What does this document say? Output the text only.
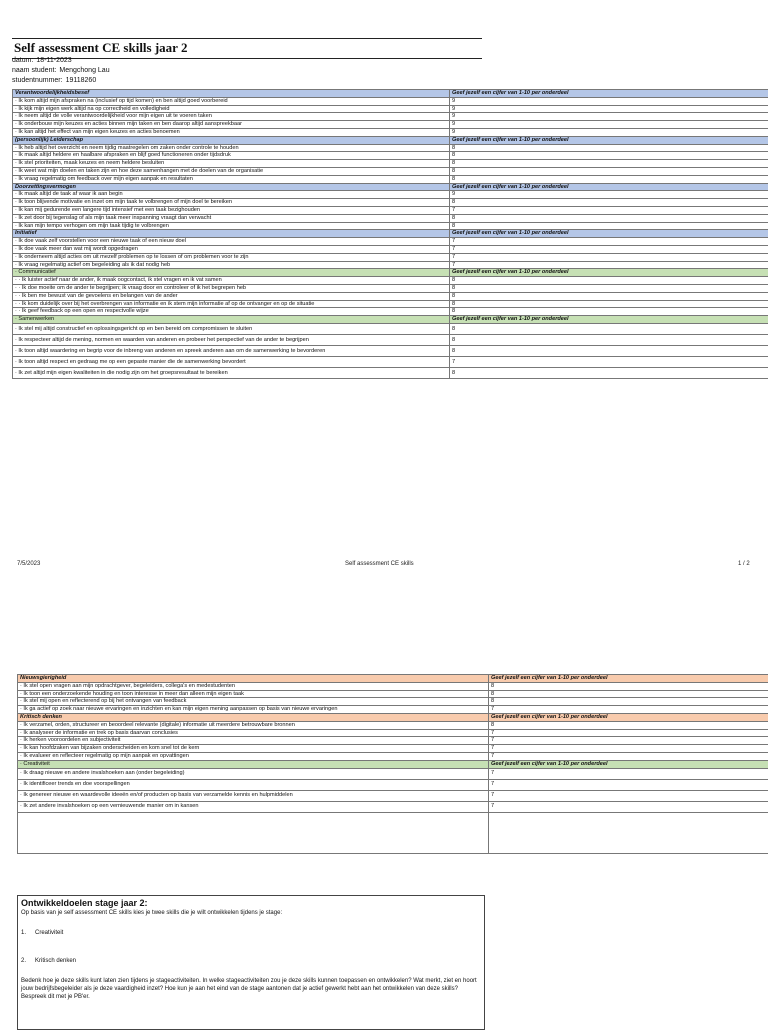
Self assessment CE skills jaar 2
datum: 18-11-2023
naam student: Mengchong Lau
studentnummer: 19118260
Verantwoordelijkheidsbesef	Geef jezelf een cijfer van 1-10 per onderdeel
· Ik kom altijd mijn afspraken na (inclusief op tijd komen) en ben altijd goed voorbereid	9
· Ik kijk mijn eigen werk altijd na op correctheid en volledigheid	9
· Ik neem altijd de volle verantwoordelijkheid voor mijn eigen uit te voeren taken	9
· Ik onderbouw mijn keuzes en acties binnen mijn taken en ben daarop altijd aanspreekbaar	9
· Ik kan altijd het effect van mijn eigen keuzes en acties benoemen	9
(persoonlijk) Leiderschap	Geef jezelf een cijfer van 1-10 per onderdeel
· Ik heb altijd het overzicht en neem tijdig maatregelen om zaken onder controle te houden	8
· Ik maak altijd heldere en haalbare afspraken en blijf goed functioneren onder tijdsdruk	8
· Ik stel prioriteiten, maak keuzes en neem heldere besluiten	8
· Ik weet wat mijn doelen en taken zijn en hoe deze samenhangen met de doelen van de organisatie	8
· Ik vraag regelmatig om feedback over mijn eigen aanpak en resultaten	8
Doorzettingsvermogen	Geef jezelf een cijfer van 1-10 per onderdeel
· Ik maak altijd de taak af waar ik aan begin	9
· Ik toon blijvende motivatie en inzet om mijn taak te volbrengen of mijn doel te bereiken	8
· Ik kan mij gedurende een langere tijd intensief met een taak bezighouden	7
· Ik zet door bij tegenslag of als mijn taak meer inspanning vraagt dan verwacht	8
· Ik kan mijn tempo verhogen om mijn taak tijdig te volbrengen	8
Initiatief	Geef jezelf een cijfer van 1-10 per onderdeel
· Ik doe vaak zelf voorstellen voor een nieuwe taak of een nieuw doel	7
· Ik doe vaak meer dan wat mij wordt opgedragen	7
· Ik onderneem altijd acties om uit mezelf problemen op te lossen of om problemen voor te zijn	7
· Ik vraag regelmatig actief om begeleiding als ik dat nodig heb	7
· Communicatief	Geef jezelf een cijfer van 1-10 per onderdeel
· · Ik luister actief naar de ander, ik maak oogcontact, ik stel vragen en ik vat samen	8
· · Ik doe moeite om de ander te begrijpen; ik vraag door en controleer of ik het begrepen heb	8
· · Ik ben me bewust van de gevoelens en belangen van de ander	8
· · Ik kom duidelijk over bij het overbrengen van informatie en ik stem mijn informatie af op de ontvanger en op de situatie	8
· · Ik geef feedback op een open en respectvolle wijze	8
· Samenwerken	Geef jezelf een cijfer van 1-10 per onderdeel
· Ik stel mij altijd constructief en oplossingsgericht op en ben bereid om compromissen te sluiten	8
· Ik respecteer altijd de mening, normen en waarden van anderen en probeer het perspectief van de ander te begrijpen	8
· Ik toon altijd waardering en begrip voor de inbreng van anderen en spreek anderen aan om de samenwerking te bevorderen	8
· Ik toon altijd respect en gedraag me op een gepaste manier die de samenwerking bevordert	7
· Ik zet altijd mijn eigen kwaliteiten in die nodig zijn om het groepsresultaat te bereiken	8
7/5/2023	Self assessment CE skills	1 / 2
Nieuwsgierigheid	Geef jezelf een cijfer van 1-10 per onderdeel
· Ik stel open vragen aan mijn opdrachtgever, begeleiders, collega's en medestudenten	8
· Ik toon een onderzoekende houding en toon interesse in meer dan alleen mijn eigen taak	8
· Ik stel mij open en reflecterend op bij het ontvangen van feedback	8
· Ik ga actief op zoek naar nieuwe ervaringen en inzichten en kan mijn eigen mening aanpassen op basis van nieuwe ervaringen	7
Kritisch denken	Geef jezelf een cijfer van 1-10 per onderdeel
· Ik verzamel, orden, structureer en beoordeel relevante (digitale) informatie uit meerdere betrouwbare bronnen	8
· Ik analyseer de informatie en trek op basis daarvan conclusies	7
· Ik herken vooroordelen en subjectiviteit	7
· Ik kan hoofdzaken van bijzaken onderscheiden en kom snel tot de kern	7
· Ik evalueer en reflecteer regelmatig op mijn aanpak en opvattingen	7
· Creativiteit	Geef jezelf een cijfer van 1-10 per onderdeel
· Ik draag nieuwe en andere invalshoeken aan (onder begeleiding)	7
· Ik identificeer trends en doe voorspellingen	7
· Ik genereer nieuwe en waardevolle ideeën en/of producten op basis van verzamelde kennis en hulpmiddelen	7
· Ik zet andere invalshoeken op een vernieuwende manier om in kansen	7

Ontwikkeldoelen stage jaar 2:

Op basis van je self assessment CE skills kies je twee skills die je wilt ontwikkelen tijdens je stage:

1. Creativiteit

2. Kritisch denken

Bedenk hoe je deze skills kunt laten zien tijdens je stageactiviteiten. In welke stageactiviteiten zou je deze skills kunnen toepassen en ontwikkelen? Wat merkt, ziet en hoort jouw bedrijfsbegeleider als je deze vaardigheid inzet? Hoe kun je aan het eind van de stage aantonen dat je actief gewerkt hebt aan het ontwikkelen van deze skills? Bespreek dit met je PB'er.
